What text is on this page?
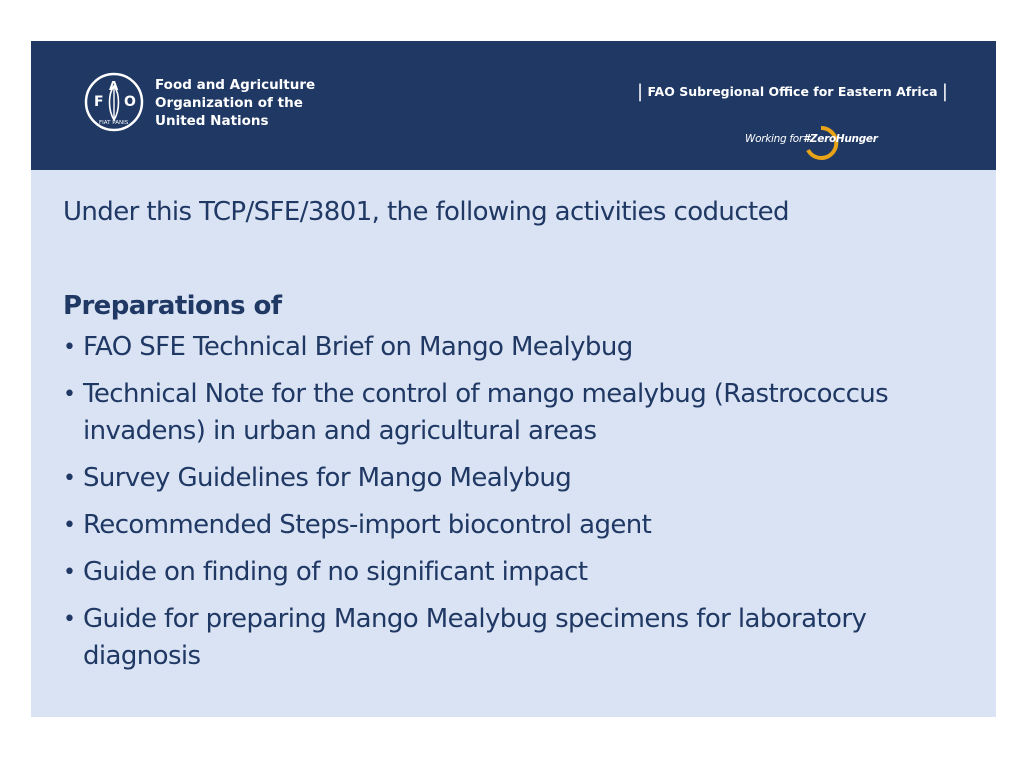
F
A
O
FIAT PANIS
Food and Agriculture
Organization of the
United Nations
| FAO Subregional Office for Eastern Africa |
Working for#ZeroHunger

Under this TCP/SFE/3801, the following activities coducted

Preparations of

• FAO SFE Technical Brief on Mango Mealybug
• Technical Note for the control of mango mealybug (Rastrococcus invadens) in urban and agricultural areas
• Survey Guidelines for Mango Mealybug
• Recommended Steps-import biocontrol agent
• Guide on finding of no significant impact
• Guide for preparing Mango Mealybug specimens for laboratory diagnosis
